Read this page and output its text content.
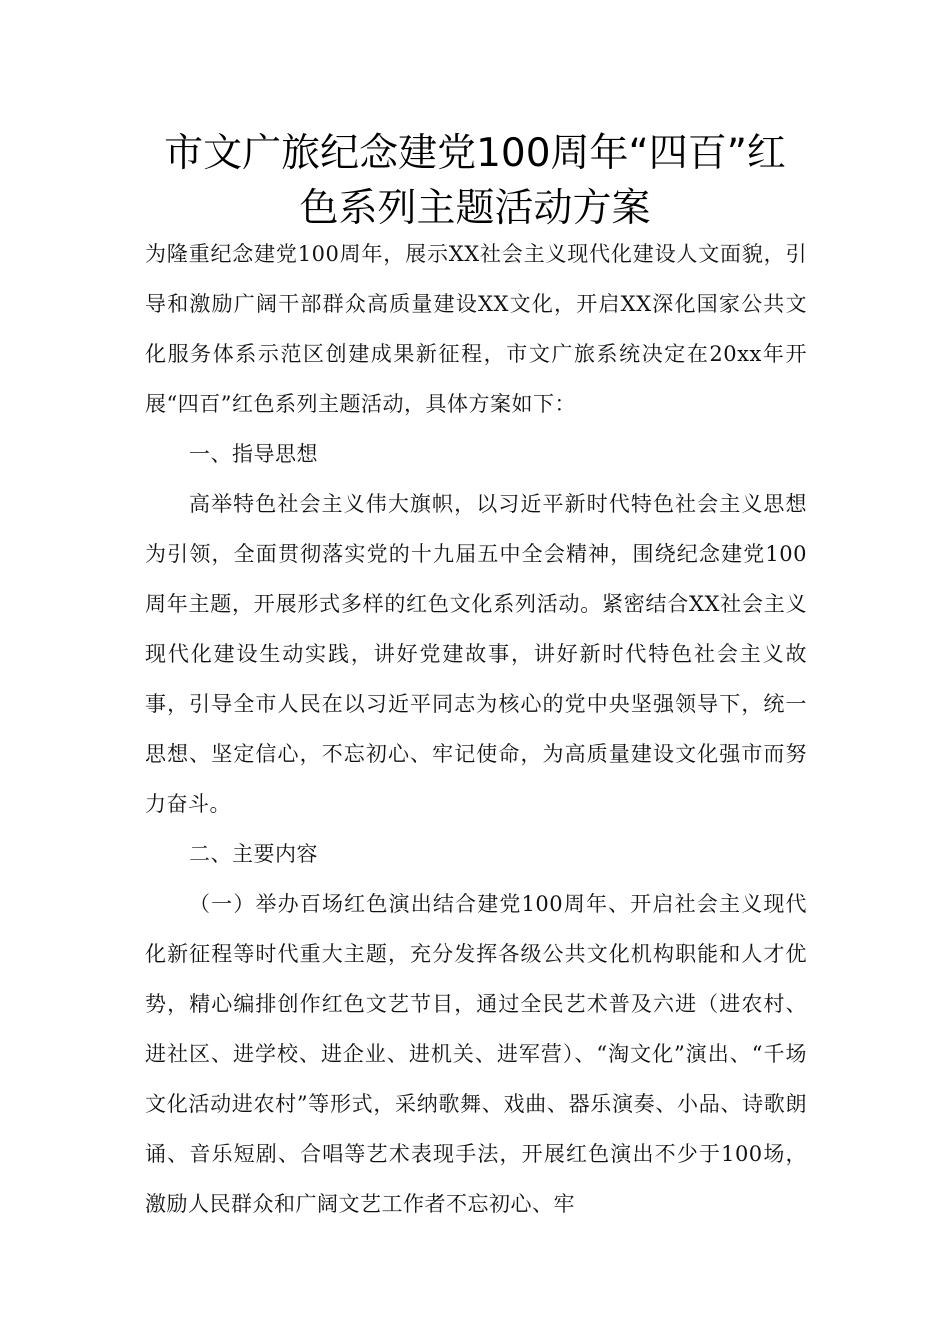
市文广旅纪念建党100周年“四百”红
色系列主题活动方案

为隆重纪念建党100周年，展示XX社会主义现代化建设人文面貌，引导和激励广阔干部群众高质量建设XX文化，开启XX深化国家公共文化服务体系示范区创建成果新征程，市文广旅系统决定在20xx年开展“四百”红色系列主题活动，具体方案如下：

一、指导思想

高举特色社会主义伟大旗帜，以习近平新时代特色社会主义思想为引领，全面贯彻落实党的十九届五中全会精神，围绕纪念建党100周年主题，开展形式多样的红色文化系列活动。紧密结合XX社会主义现代化建设生动实践，讲好党建故事，讲好新时代特色社会主义故事，引导全市人民在以习近平同志为核心的党中央坚强领导下，统一思想、坚定信心，不忘初心、牢记使命，为高质量建设文化强市而努力奋斗。

二、主要内容

（一）举办百场红色演出结合建党100周年、开启社会主义现代化新征程等时代重大主题，充分发挥各级公共文化机构职能和人才优势，精心编排创作红色文艺节目，通过全民艺术普及六进（进农村、进社区、进学校、进企业、进机关、进军营）、“淘文化”演出、“千场文化活动进农村”等形式，采纳歌舞、戏曲、器乐演奏、小品、诗歌朗诵、音乐短剧、合唱等艺术表现手法，开展红色演出不少于100场，激励人民群众和广阔文艺工作者不忘初心、牢
